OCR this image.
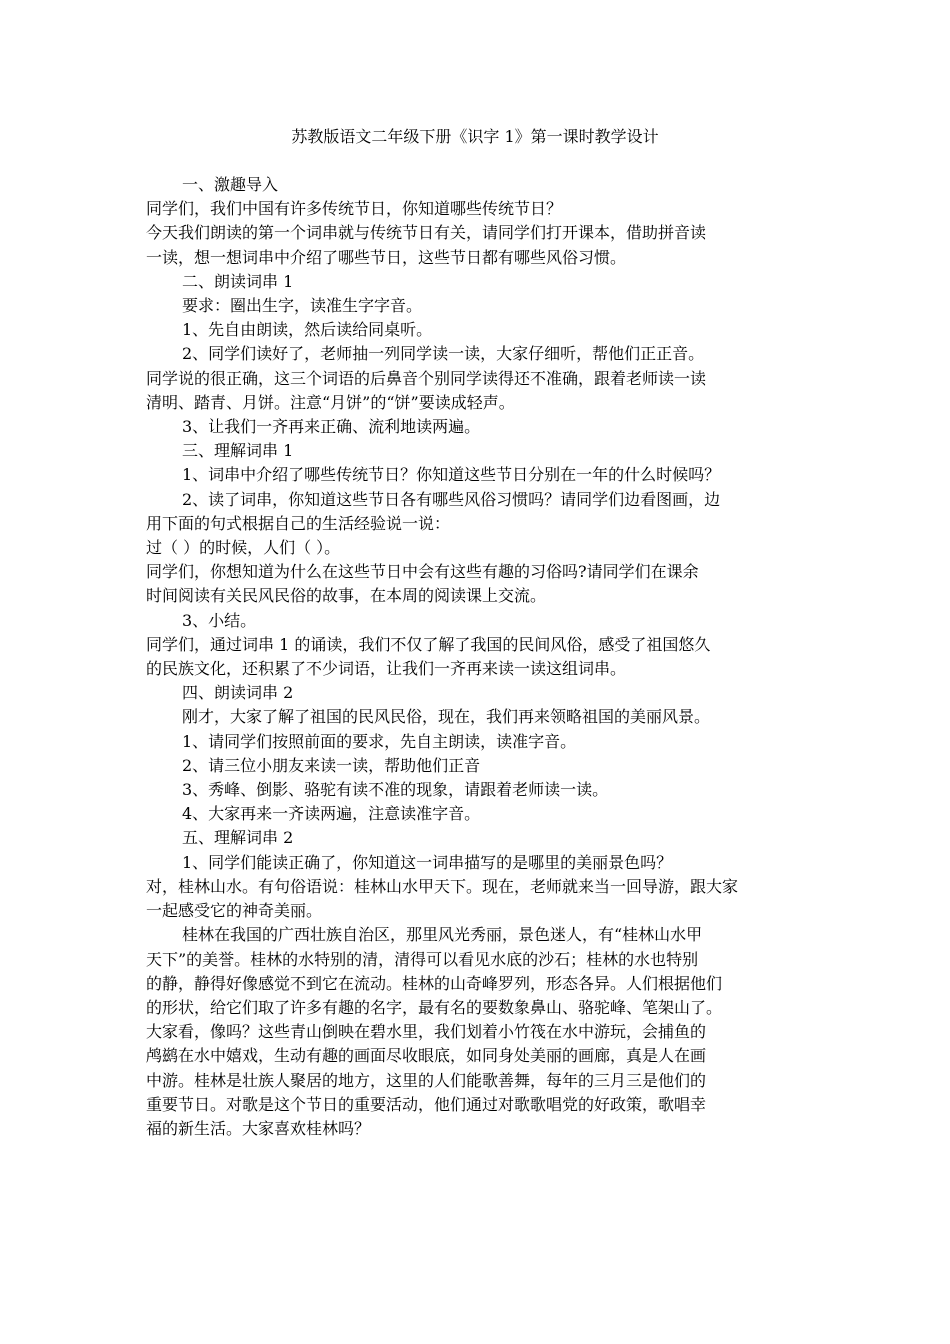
苏教版语文二年级下册《识字 1》第一课时教学设计

一、激趣导入

同学们，我们中国有许多传统节日，你知道哪些传统节日？

今天我们朗读的第一个词串就与传统节日有关，请同学们打开课本，借助拼音读

一读，想一想词串中介绍了哪些节日，这些节日都有哪些风俗习惯。

二、朗读词串 1

要求：圈出生字，读准生字字音。

1、先自由朗读，然后读给同桌听。

2、同学们读好了，老师抽一列同学读一读，大家仔细听，帮他们正正音。

同学说的很正确，这三个词语的后鼻音个别同学读得还不准确，跟着老师读一读

清明、踏青、月饼。注意“月饼”的“饼”要读成轻声。

3、让我们一齐再来正确、流利地读两遍。

三、理解词串 1

1、词串中介绍了哪些传统节日？你知道这些节日分别在一年的什么时候吗？

2、读了词串，你知道这些节日各有哪些风俗习惯吗？请同学们边看图画，边

用下面的句式根据自己的生活经验说一说：

过（ ）的时候，人们（ ）。

同学们，你想知道为什么在这些节日中会有这些有趣的习俗吗?请同学们在课余

时间阅读有关民风民俗的故事，在本周的阅读课上交流。

3、小结。

同学们，通过词串 1 的诵读，我们不仅了解了我国的民间风俗，感受了祖国悠久

的民族文化，还积累了不少词语，让我们一齐再来读一读这组词串。

四、朗读词串 2

刚才，大家了解了祖国的民风民俗，现在，我们再来领略祖国的美丽风景。

1、请同学们按照前面的要求，先自主朗读，读准字音。

2、请三位小朋友来读一读，帮助他们正音

3、秀峰、倒影、骆驼有读不准的现象，请跟着老师读一读。

4、大家再来一齐读两遍，注意读准字音。

五、理解词串 2

1、同学们能读正确了，你知道这一词串描写的是哪里的美丽景色吗？

对，桂林山水。有句俗语说：桂林山水甲天下。现在，老师就来当一回导游，跟大家

一起感受它的神奇美丽。

桂林在我国的广西壮族自治区，那里风光秀丽，景色迷人，有“桂林山水甲

天下”的美誉。桂林的水特别的清，清得可以看见水底的沙石；桂林的水也特别

的静，静得好像感觉不到它在流动。桂林的山奇峰罗列，形态各异。人们根据他们

的形状，给它们取了许多有趣的名字，最有名的要数象鼻山、骆驼峰、笔架山了。

大家看，像吗？这些青山倒映在碧水里，我们划着小竹筏在水中游玩，会捕鱼的

鸬鹚在水中嬉戏，生动有趣的画面尽收眼底，如同身处美丽的画廊，真是人在画

中游。桂林是壮族人聚居的地方，这里的人们能歌善舞，每年的三月三是他们的

重要节日。对歌是这个节日的重要活动，他们通过对歌歌唱党的好政策，歌唱幸

福的新生活。大家喜欢桂林吗？
